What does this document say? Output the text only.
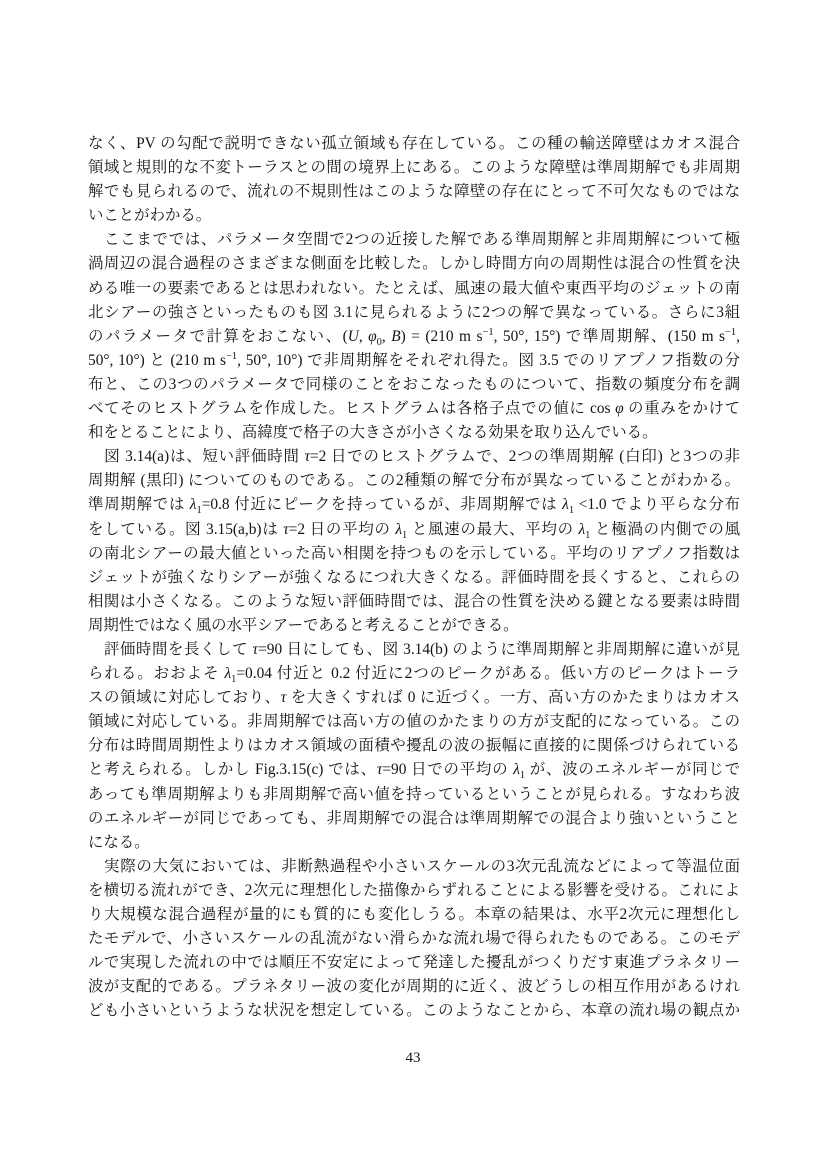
なく、PV の勾配で説明できない孤立領域も存在している。この種の輸送障壁はカオス混合
領域と規則的な不変トーラスとの間の境界上にある。このような障壁は準周期解でも非周期
解でも見られるので、流れの不規則性はこのような障壁の存在にとって不可欠なものではな
いことがわかる。
　ここまででは、パラメータ空間で2つの近接した解である準周期解と非周期解について極
渦周辺の混合過程のさまざまな側面を比較した。しかし時間方向の周期性は混合の性質を決
める唯一の要素であるとは思われない。たとえば、風速の最大値や東西平均のジェットの南
北シアーの強さといったものも図 3.1に見られるように2つの解で異なっている。さらに3組
のパラメータで計算をおこない、(U, $\varphi_0$, B) = (210 m $s^{-1}$, 50°, 15°) で準周期解、(150 m $s^{-1}$,
50°, 10°) と (210 m $s^{-1}$, 50°, 10°) で非周期解をそれぞれ得た。図 3.5 でのリアプノフ指数の分
布と、この3つのパラメータで同様のことをおこなったものについて、指数の頻度分布を調
べてそのヒストグラムを作成した。ヒストグラムは各格子点での値に cos φ の重みをかけて
和をとることにより、高緯度で格子の大きさが小さくなる効果を取り込んでいる。
　図 3.14(a)は、短い評価時間 τ=2 日でのヒストグラムで、2つの準周期解 (白印) と3つの非
周期解 (黒印) についてのものである。この2種類の解で分布が異なっていることがわかる。
準周期解では $\lambda_1=0.8$ 付近にピークを持っているが、非周期解では $\lambda_1 <1.0$ でより平らな分布
をしている。図 3.15(a,b)は τ=2 日の平均の $\lambda_1$ と風速の最大、平均の $\lambda_1$ と極渦の内側での風
の南北シアーの最大値といった高い相関を持つものを示している。平均のリアプノフ指数は
ジェットが強くなりシアーが強くなるにつれ大きくなる。評価時間を長くすると、これらの
相関は小さくなる。このような短い評価時間では、混合の性質を決める鍵となる要素は時間
周期性ではなく風の水平シアーであると考えることができる。
　評価時間を長くして τ=90 日にしても、図 3.14(b) のように準周期解と非周期解に違いが見
られる。おおよそ $\lambda_1=0.04$ 付近と 0.2 付近に2つのピークがある。低い方のピークはトーラ
スの領域に対応しており、τ を大きくすれば 0 に近づく。一方、高い方のかたまりはカオス
領域に対応している。非周期解では高い方の値のかたまりの方が支配的になっている。この
分布は時間周期性よりはカオス領域の面積や擾乱の波の振幅に直接的に関係づけられている
と考えられる。しかし Fig.3.15(c) では、τ=90 日での平均の $\lambda_1$ が、波のエネルギーが同じで
あっても準周期解よりも非周期解で高い値を持っているということが見られる。すなわち波
のエネルギーが同じであっても、非周期解での混合は準周期解での混合より強いということ
になる。
　実際の大気においては、非断熱過程や小さいスケールの3次元乱流などによって等温位面
を横切る流れができ、2次元に理想化した描像からずれることによる影響を受ける。これによ
り大規模な混合過程が量的にも質的にも変化しうる。本章の結果は、水平2次元に理想化し
たモデルで、小さいスケールの乱流がない滑らかな流れ場で得られたものである。このモデ
ルで実現した流れの中では順圧不安定によって発達した擾乱がつくりだす東進プラネタリー
波が支配的である。プラネタリー波の変化が周期的に近く、波どうしの相互作用があるけれ
ども小さいというような状況を想定している。このようなことから、本章の流れ場の観点か
43
